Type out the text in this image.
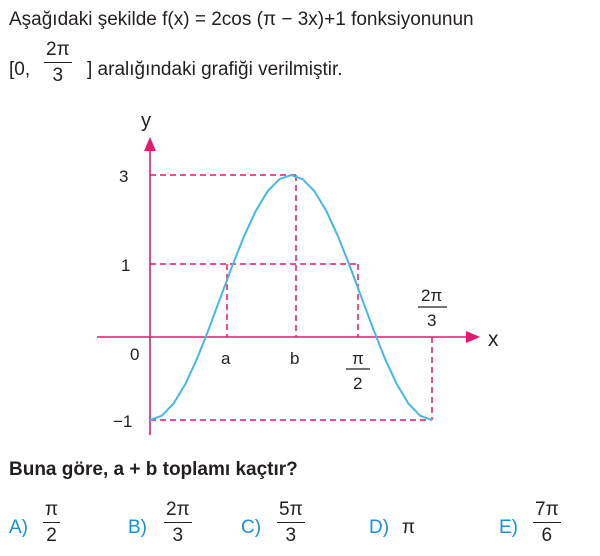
Aşağıdaki şekilde f(x) = 2cos (π − 3x)+1 fonksiyonunun
[0,
2π
3 ] aralığındaki grafiği verilmiştir.
y
x
0
3
1
−1
a	b	π
2
2π
3
Buna göre, a + b toplamı kaçtır?
A)
π
2	B)
2π
3	C)
5π
3	D) π	E)
7π
6
